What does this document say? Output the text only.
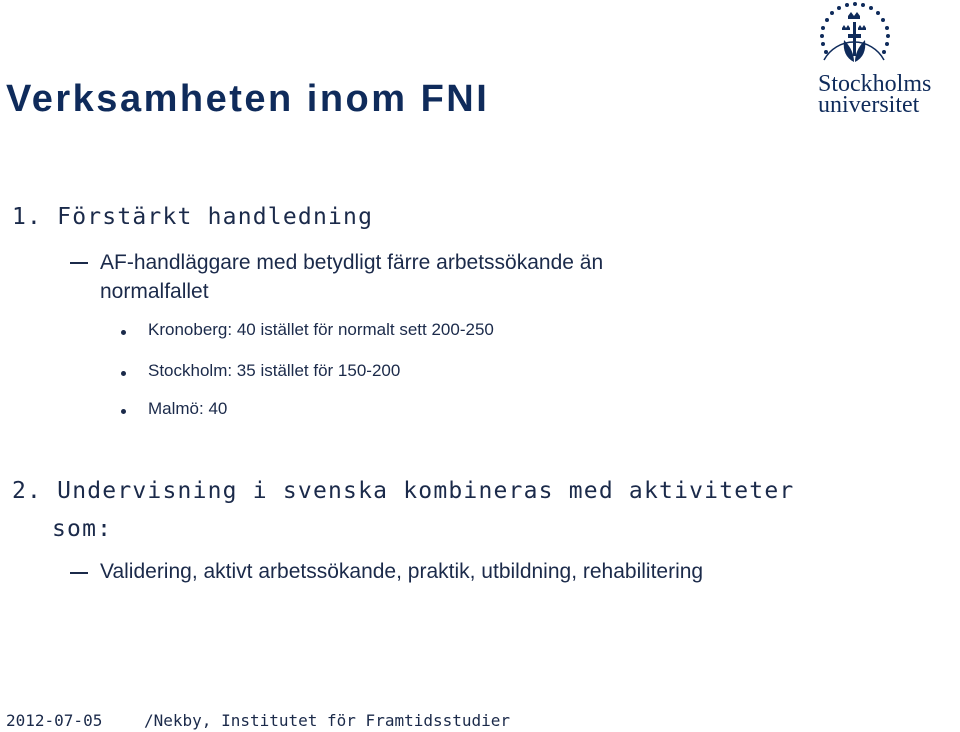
Verksamheten inom FNI	Stockholms
universitet
1. Förstärkt handledning
AF-handläggare med betydligt färre arbetssökande än
normalfallet
Kronoberg: 40 istället för normalt sett 200-250
Stockholm: 35 istället för 150-200
Malmö: 40
2. Undervisning i svenska kombineras med aktiviteter
som:
Validering, aktivt arbetssökande, praktik, utbildning, rehabilitering
2012-07-05	/Nekby, Institutet för Framtidsstudier
